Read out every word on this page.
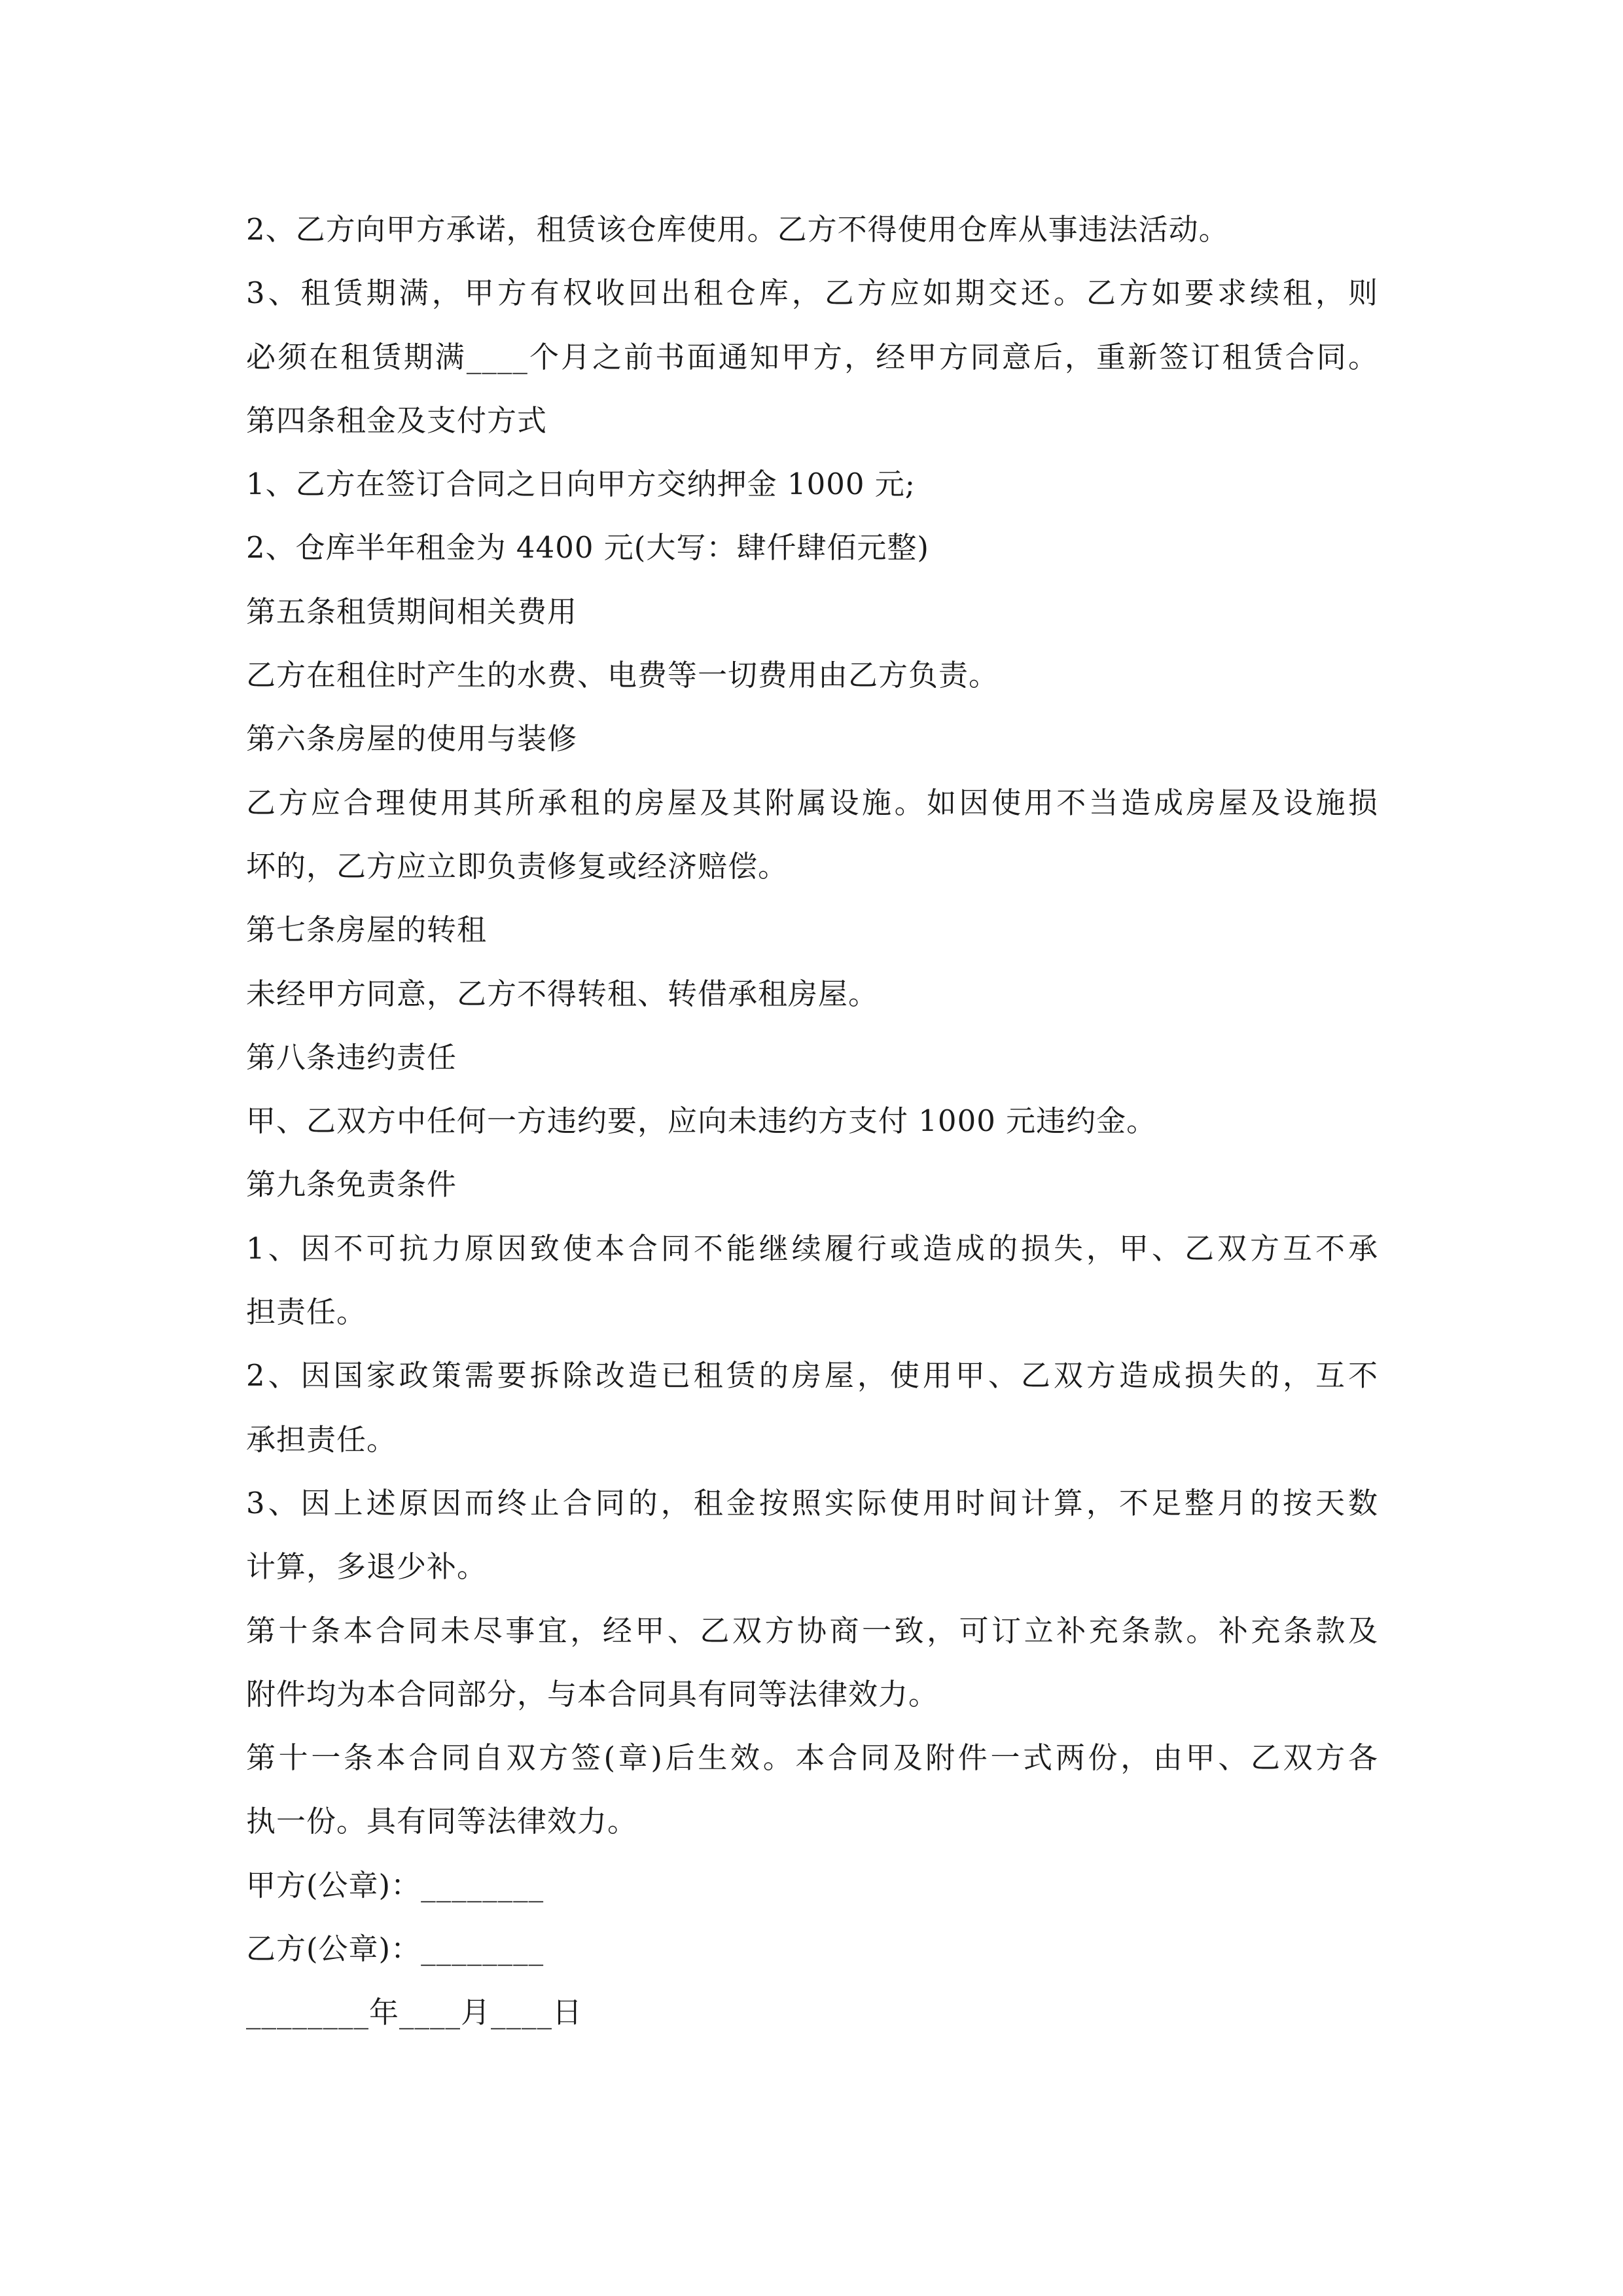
2、乙方向甲方承诺，租赁该仓库使用。乙方不得使用仓库从事违法活动。
3、租赁期满，甲方有权收回出租仓库，乙方应如期交还。乙方如要求续租，则
必须在租赁期满____个月之前书面通知甲方，经甲方同意后，重新签订租赁合同。
第四条租金及支付方式
1、乙方在签订合同之日向甲方交纳押金 1000 元;
2、仓库半年租金为 4400 元(大写：肆仟肆佰元整)
第五条租赁期间相关费用
乙方在租住时产生的水费、电费等一切费用由乙方负责。
第六条房屋的使用与装修
乙方应合理使用其所承租的房屋及其附属设施。如因使用不当造成房屋及设施损
坏的，乙方应立即负责修复或经济赔偿。
第七条房屋的转租
未经甲方同意，乙方不得转租、转借承租房屋。
第八条违约责任
甲、乙双方中任何一方违约要，应向未违约方支付 1000 元违约金。
第九条免责条件
1、因不可抗力原因致使本合同不能继续履行或造成的损失，甲、乙双方互不承
担责任。
2、因国家政策需要拆除改造已租赁的房屋，使用甲、乙双方造成损失的，互不
承担责任。
3、因上述原因而终止合同的，租金按照实际使用时间计算，不足整月的按天数
计算，多退少补。
第十条本合同未尽事宜，经甲、乙双方协商一致，可订立补充条款。补充条款及
附件均为本合同部分，与本合同具有同等法律效力。
第十一条本合同自双方签(章)后生效。本合同及附件一式两份，由甲、乙双方各
执一份。具有同等法律效力。
甲方(公章)：________
乙方(公章)：________
________年____月____日
